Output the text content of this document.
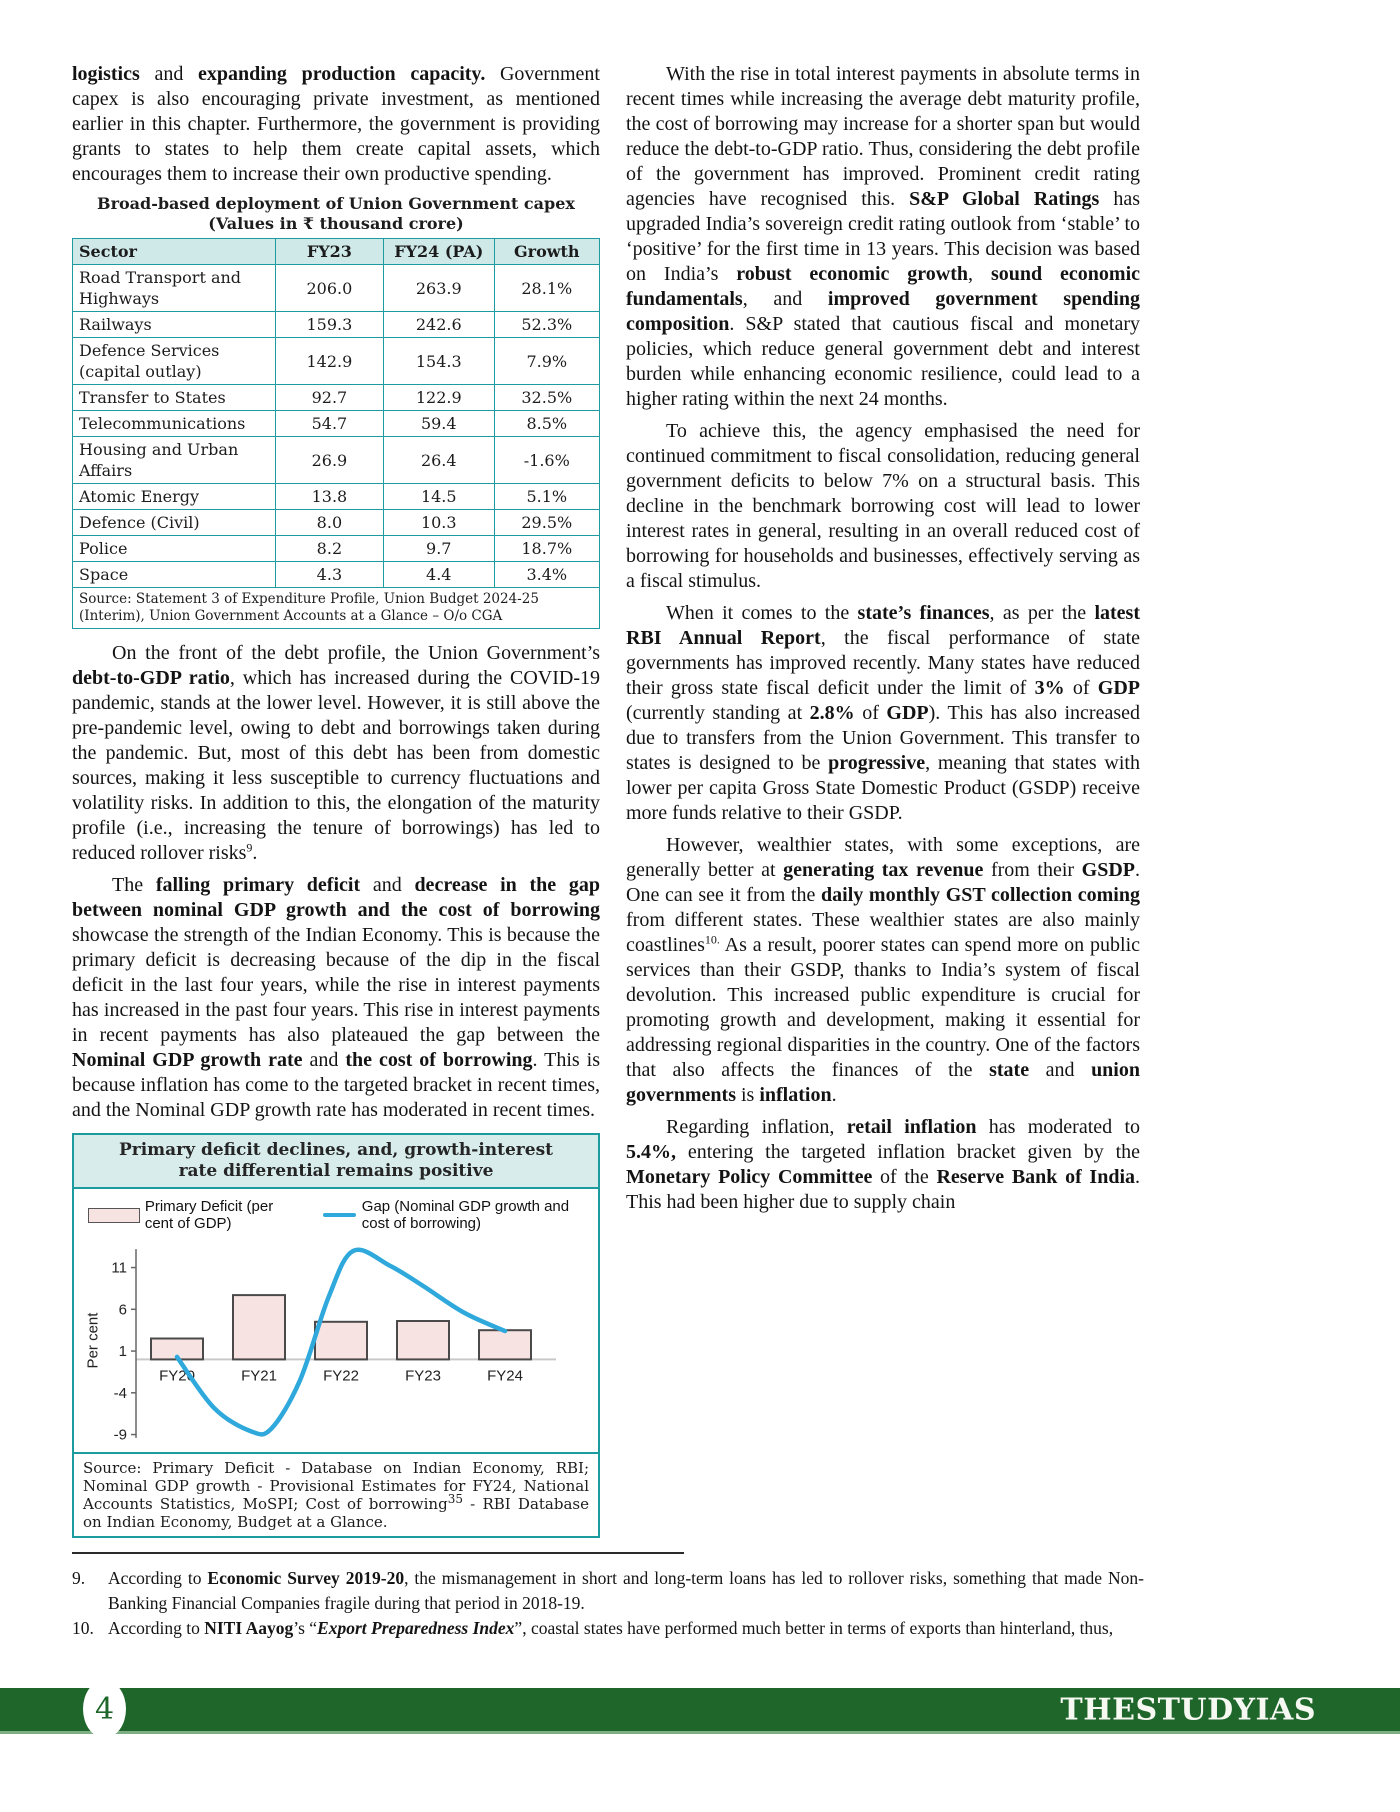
logistics and expanding production capacity. Government capex is also encouraging private investment, as mentioned earlier in this chapter. Furthermore, the government is providing grants to states to help them create capital assets, which encourages them to increase their own productive spending.

Broad-based deployment of Union Government capex
(Values in ₹ thousand crore)
Sector	FY23	FY24 (PA)	Growth
Road Transport and Highways	206.0	263.9	28.1%
Railways	159.3	242.6	52.3%
Defence Services (capital outlay)	142.9	154.3	7.9%
Transfer to States	92.7	122.9	32.5%
Telecommunications	54.7	59.4	8.5%
Housing and Urban Affairs	26.9	26.4	-1.6%
Atomic Energy	13.8	14.5	5.1%
Defence (Civil)	8.0	10.3	29.5%
Police	8.2	9.7	18.7%
Space	4.3	4.4	3.4%
Source: Statement 3 of Expenditure Profile, Union Budget 2024-25 (Interim), Union Government Accounts at a Glance – O/o CGA			

On the front of the debt profile, the Union Government’s debt-to-GDP ratio, which has increased during the COVID-19 pandemic, stands at the lower level. However, it is still above the pre-pandemic level, owing to debt and borrowings taken during the pandemic. But, most of this debt has been from domestic sources, making it less susceptible to currency fluctuations and volatility risks. In addition to this, the elongation of the maturity profile (i.e., increasing the tenure of borrowings) has led to reduced rollover risks$^9$.

The falling primary deficit and decrease in the gap between nominal GDP growth and the cost of borrowing showcase the strength of the Indian Economy. This is because the primary deficit is decreasing because of the dip in the fiscal deficit in the last four years, while the rise in interest payments has increased in the past four years. This rise in interest payments in recent payments has also plateaued the gap between the Nominal GDP growth rate and the cost of borrowing. This is because inflation has come to the targeted bracket in recent times, and the Nominal GDP growth rate has moderated in recent times.

Primary deficit declines, and, growth-interest rate differential remains positive
Primary Deficit (per cent of GDP)
Gap (Nominal GDP growth and cost of borrowing)
Per cent
11
6
1
-4
-9
FY20	FY21	FY22	FY23	FY24
Source: Primary Deficit - Database on Indian Economy, RBI; Nominal GDP growth - Provisional Estimates for FY24, National Accounts Statistics, MoSPI; Cost of borrowing$^{35}$ - RBI Database on Indian Economy, Budget at a Glance.

With the rise in total interest payments in absolute terms in recent times while increasing the average debt maturity profile, the cost of borrowing may increase for a shorter span but would reduce the debt-to-GDP ratio. Thus, considering the debt profile of the government has improved. Prominent credit rating agencies have recognised this. S&P Global Ratings has upgraded India’s sovereign credit rating outlook from ‘stable’ to ‘positive’ for the first time in 13 years. This decision was based on India’s robust economic growth, sound economic fundamentals, and improved government spending composition. S&P stated that cautious fiscal and monetary policies, which reduce general government debt and interest burden while enhancing economic resilience, could lead to a higher rating within the next 24 months.

To achieve this, the agency emphasised the need for continued commitment to fiscal consolidation, reducing general government deficits to below 7% on a structural basis. This decline in the benchmark borrowing cost will lead to lower interest rates in general, resulting in an overall reduced cost of borrowing for households and businesses, effectively serving as a fiscal stimulus.

When it comes to the state’s finances, as per the latest RBI Annual Report, the fiscal performance of state governments has improved recently. Many states have reduced their gross state fiscal deficit under the limit of 3% of GDP (currently standing at 2.8% of GDP). This has also increased due to transfers from the Union Government. This transfer to states is designed to be progressive, meaning that states with lower per capita Gross State Domestic Product (GSDP) receive more funds relative to their GSDP.

However, wealthier states, with some exceptions, are generally better at generating tax revenue from their GSDP. One can see it from the daily monthly GST collection coming from different states. These wealthier states are also mainly coastlines$^{10.}$ As a result, poorer states can spend more on public services than their GSDP, thanks to India’s system of fiscal devolution. This increased public expenditure is crucial for promoting growth and development, making it essential for addressing regional disparities in the country. One of the factors that also affects the finances of the state and union governments is inflation.

Regarding inflation, retail inflation has moderated to 5.4%, entering the targeted inflation bracket given by the Monetary Policy Committee of the Reserve Bank of India. This had been higher due to supply chain

9.	According to Economic Survey 2019-20, the mismanagement in short and long-term loans has led to rollover risks, something that made Non-Banking Financial Companies fragile during that period in 2018-19.
10. According to NITI Aayog’s “Export Preparedness Index”, coastal states have performed much better in terms of exports than hinterland, thus,
4	THESTUDYIAS
